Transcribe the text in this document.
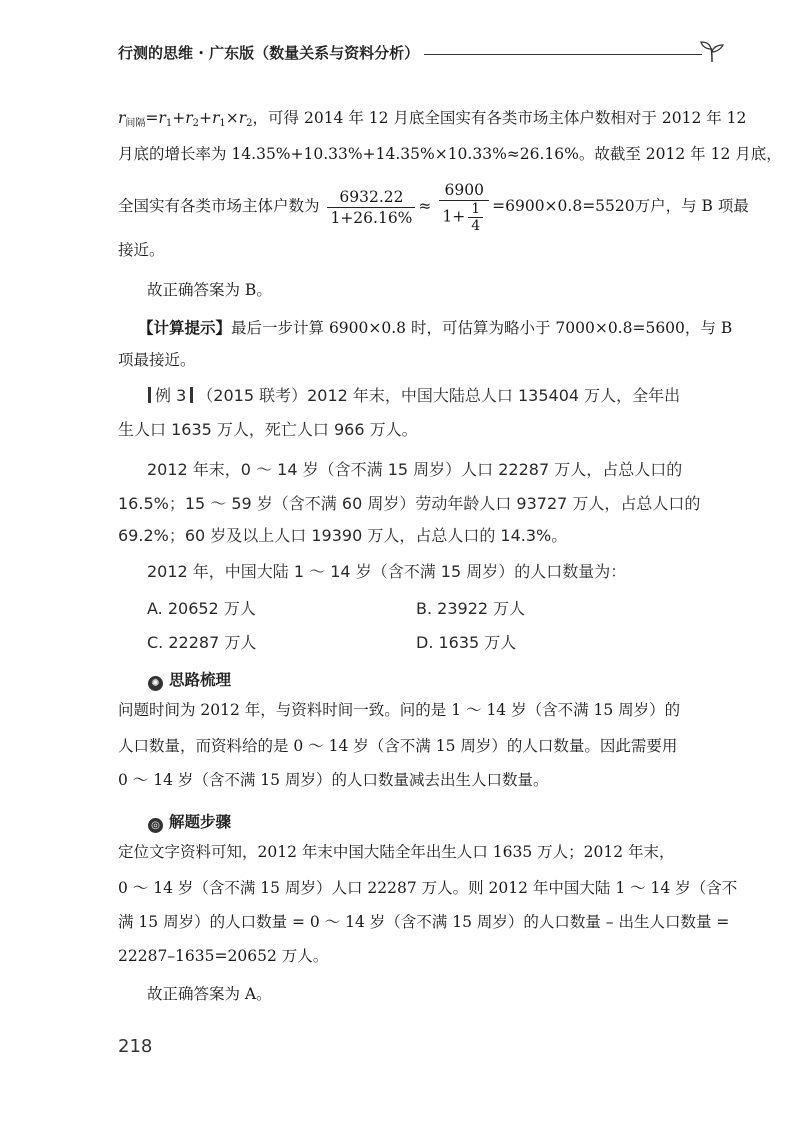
行测的思维 · 广东版（数量关系与资料分析）
$r_{间隔}=r_1+r_2+r_1\times r_2$，可得 2014 年 12 月底全国实有各类市场主体户数相对于 2012 年 12
月底的增长率为 14.35%+10.33%+14.35%×10.33%≈26.16%。故截至 2012 年 12 月底，
全国实有各类市场主体户数为 $\frac{6932.22}{1+26.16\%} \approx \frac{6900}{1+ \frac{1}{4}} =6900\times 0.8=5520$万户，与 B 项最
接近。
故正确答案为 B。
【计算提示】最后一步计算 6900×0.8 时，可估算为略小于 7000×0.8=5600，与 B
项最接近。
例 3 （2015 联考）2012 年末，中国大陆总人口 135404 万人，全年出
生人口 1635 万人，死亡人口 966 万人。
2012 年末，0 ～ 14 岁（含不满 15 周岁）人口 22287 万人，占总人口的
16.5%；15 ～ 59 岁（含不满 60 周岁）劳动年龄人口 93727 万人，占总人口的
69.2%；60 岁及以上人口 19390 万人，占总人口的 14.3%。
2012 年，中国大陆 1 ～ 14 岁（含不满 15 周岁）的人口数量为：
A. 20652 万人	B. 23922 万人
C. 22287 万人	D. 1635 万人
✺ 思路梳理
问题时间为 2012 年，与资料时间一致。问的是 1 ～ 14 岁（含不满 15 周岁）的
人口数量，而资料给的是 0 ～ 14 岁（含不满 15 周岁）的人口数量。因此需要用
0 ～ 14 岁（含不满 15 周岁）的人口数量减去出生人口数量。
◎ 解题步骤
定位文字资料可知，2012 年末中国大陆全年出生人口 1635 万人；2012 年末，
0 ～ 14 岁（含不满 15 周岁）人口 22287 万人。则 2012 年中国大陆 1 ～ 14 岁（含不
满 15 周岁）的人口数量 = 0 ～ 14 岁（含不满 15 周岁）的人口数量 – 出生人口数量 =
22287–1635=20652 万人。
故正确答案为 A。
218
